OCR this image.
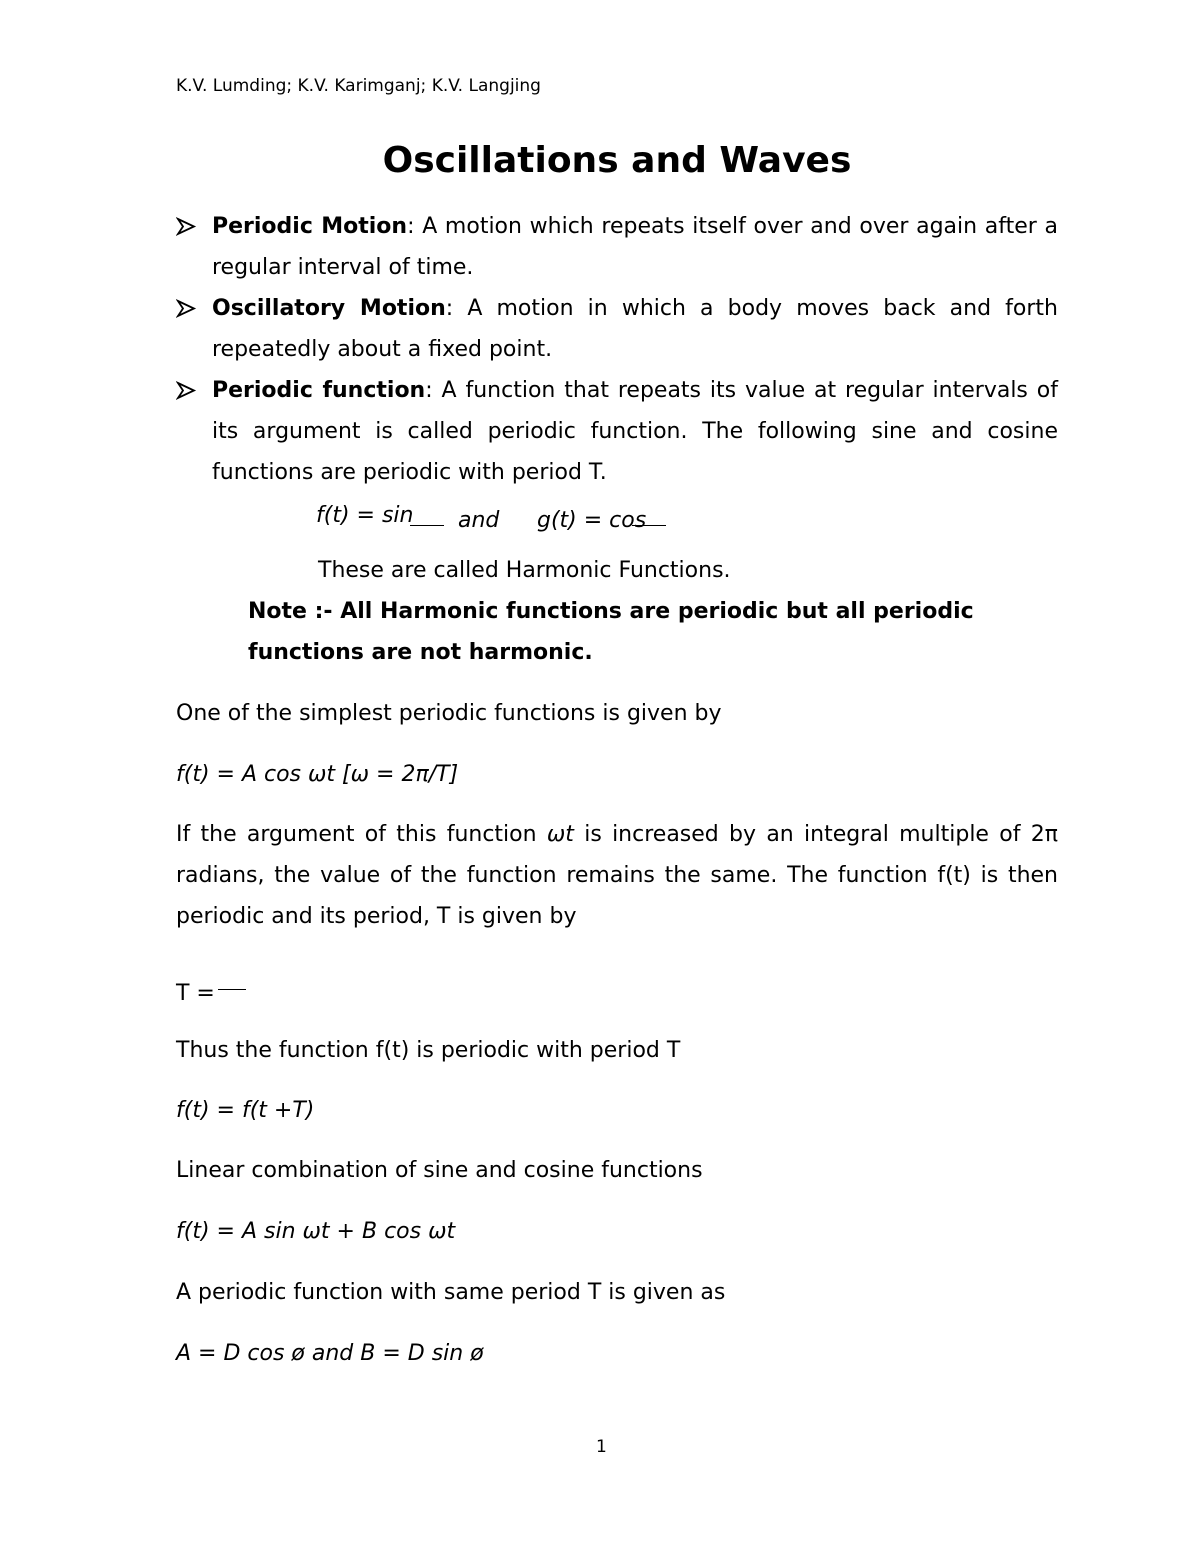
K.V. Lumding; K.V. Karimganj; K.V. Langjing
Oscillations and Waves
Periodic Motion: A motion which repeats itself over and over again after a regular interval of time.
Oscillatory Motion: A motion in which a body moves back and forth repeatedly about a fixed point.
Periodic function: A function that repeats its value at regular intervals of its argument is called periodic function. The following sine and cosine functions are periodic with period T.
f(t) = sin and g(t) = cos
These are called Harmonic Functions.
Note :- All Harmonic functions are periodic but all periodic functions are not harmonic.
One of the simplest periodic functions is given by
f(t) = A cos ωt [ω = 2π/T]
If the argument of this function ωt is increased by an integral multiple of 2π radians, the value of the function remains the same. The function f(t) is then periodic and its period, T is given by
T =
Thus the function f(t) is periodic with period T
f(t) = f(t +T)
Linear combination of sine and cosine functions
f(t) = A sin ωt + B cos ωt
A periodic function with same period T is given as
A = D cos ø and B = D sin ø
1
